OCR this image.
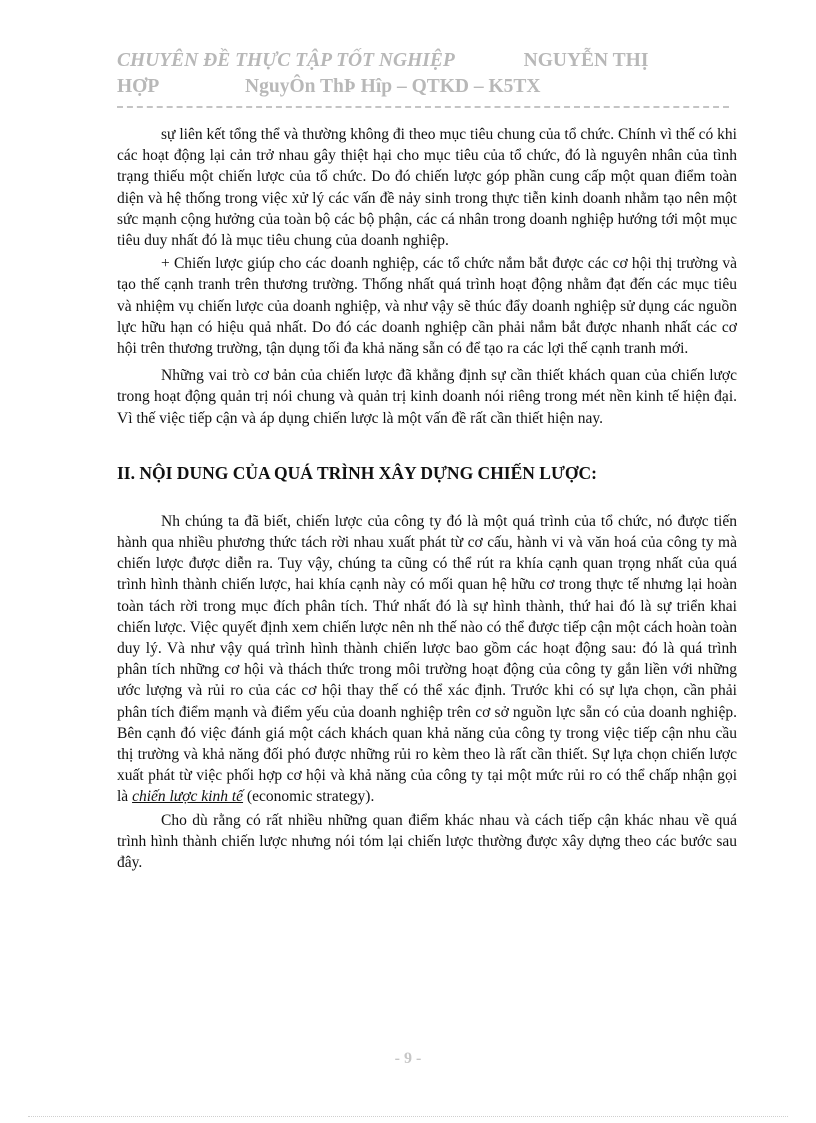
CHUYÊN ĐỀ THỰC TẬP TỐT NGHIỆP	NGUYỄN THỊ
HỢP	NguyÔn ThÞ Hîp – QTKD – K5TX

sự liên kết tổng thể và thường không đi theo mục tiêu chung của tổ chức. Chính vì thế có khi các hoạt động lại cản trở nhau gây thiệt hại cho mục tiêu của tổ chức, đó là nguyên nhân của tình trạng thiếu một chiến lược của tổ chức. Do đó chiến lược góp phần cung cấp một quan điểm toàn diện và hệ thống trong việc xử lý các vấn đề nảy sinh trong thực tiễn kinh doanh nhằm tạo nên một sức mạnh cộng hưởng của toàn bộ các bộ phận, các cá nhân trong doanh nghiệp hướng tới một mục tiêu duy nhất đó là mục tiêu chung của doanh nghiệp.

+ Chiến lược giúp cho các doanh nghiệp, các tổ chức nắm bắt được các cơ hội thị trường và tạo thế cạnh tranh trên thương trường. Thống nhất quá trình hoạt động nhằm đạt đến các mục tiêu và nhiệm vụ chiến lược của doanh nghiệp, và như vậy sẽ thúc đẩy doanh nghiệp sử dụng các nguồn lực hữu hạn có hiệu quả nhất. Do đó các doanh nghiệp cần phải nắm bắt được nhanh nhất các cơ hội trên thương trường, tận dụng tối đa khả năng sẵn có để tạo ra các lợi thế cạnh tranh mới.

Những vai trò cơ bản của chiến lược đã khẳng định sự cần thiết khách quan của chiến lược trong hoạt động quản trị nói chung và quản trị kinh doanh nói riêng trong mét nền kinh tế hiện đại. Vì thế việc tiếp cận và áp dụng chiến lược là một vấn đề rất cần thiết hiện nay.

II. NỘI DUNG CỦA QUÁ TRÌNH XÂY DỰNG CHIẾN LƯỢC:

Nh chúng ta đã biết, chiến lược của công ty đó là một quá trình của tổ chức, nó được tiến hành qua nhiều phương thức tách rời nhau xuất phát từ cơ cấu, hành vi và văn hoá của công ty mà chiến lược được diễn ra. Tuy vậy, chúng ta cũng có thể rút ra khía cạnh quan trọng nhất của quá trình hình thành chiến lược, hai khía cạnh này có mối quan hệ hữu cơ trong thực tế nhưng lại hoàn toàn tách rời trong mục đích phân tích. Thứ nhất đó là sự hình thành, thứ hai đó là sự triển khai chiến lược. Việc quyết định xem chiến lược nên nh thế nào có thể được tiếp cận một cách hoàn toàn duy lý. Và như vậy quá trình hình thành chiến lược bao gồm các hoạt động sau: đó là quá trình phân tích những cơ hội và thách thức trong môi trường hoạt động của công ty gắn liền với những ước lượng và rủi ro của các cơ hội thay thế có thể xác định. Trước khi có sự lựa chọn, cần phải phân tích điểm mạnh và điểm yếu của doanh nghiệp trên cơ sở nguồn lực sẵn có của doanh nghiệp. Bên cạnh đó việc đánh giá một cách khách quan khả năng của công ty trong việc tiếp cận nhu cầu thị trường và khả năng đối phó được những rủi ro kèm theo là rất cần thiết. Sự lựa chọn chiến lược xuất phát từ việc phối hợp cơ hội và khả năng của công ty tại một mức rủi ro có thể chấp nhận gọi là chiến lược kinh tế (economic strategy).

Cho dù rằng có rất nhiều những quan điểm khác nhau và cách tiếp cận khác nhau về quá trình hình thành chiến lược nhưng nói tóm lại chiến lược thường được xây dựng theo các bước sau đây.

- 9 -
